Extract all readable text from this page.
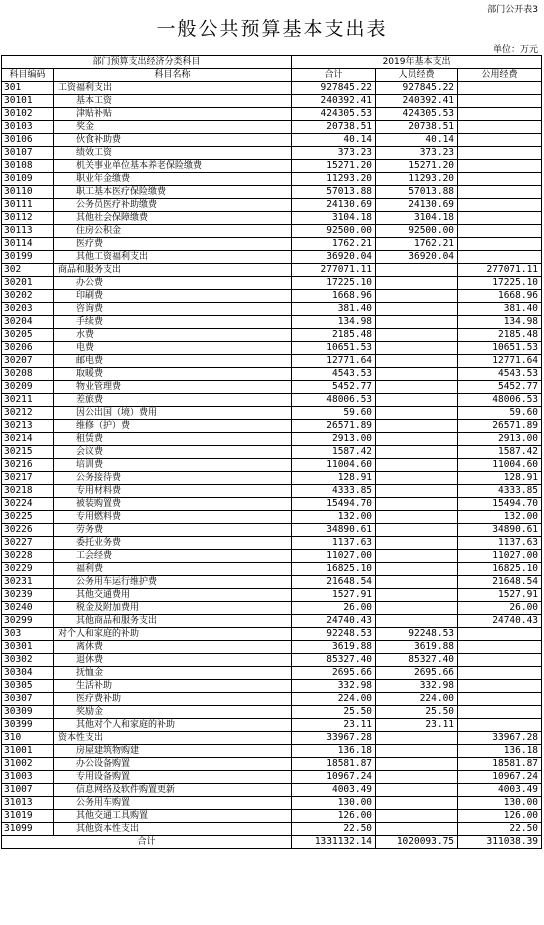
部门公开表3
一般公共预算基本支出表
单位：万元
部门预算支出经济分类科目		2019年基本支出		
科目编码	科目名称	合计	人员经费	公用经费
301	工资福利支出	927845.22	927845.22	
30101	基本工资	240392.41	240392.41	
30102	津贴补贴	424305.53	424305.53	
30103	奖金	20738.51	20738.51	
30106	伙食补助费	40.14	40.14	
30107	绩效工资	373.23	373.23	
30108	机关事业单位基本养老保险缴费	15271.20	15271.20	
30109	职业年金缴费	11293.20	11293.20	
30110	职工基本医疗保险缴费	57013.88	57013.88	
30111	公务员医疗补助缴费	24130.69	24130.69	
30112	其他社会保障缴费	3104.18	3104.18	
30113	住房公积金	92500.00	92500.00	
30114	医疗费	1762.21	1762.21	
30199	其他工资福利支出	36920.04	36920.04	
302	商品和服务支出	277071.11		277071.11
30201	办公费	17225.10		17225.10
30202	印刷费	1668.96		1668.96
30203	咨询费	381.40		381.40
30204	手续费	134.98		134.98
30205	水费	2185.48		2185.48
30206	电费	10651.53		10651.53
30207	邮电费	12771.64		12771.64
30208	取暖费	4543.53		4543.53
30209	物业管理费	5452.77		5452.77
30211	差旅费	48006.53		48006.53
30212	因公出国（境）费用	59.60		59.60
30213	维修（护）费	26571.89		26571.89
30214	租赁费	2913.00		2913.00
30215	会议费	1587.42		1587.42
30216	培训费	11004.60		11004.60
30217	公务接待费	128.91		128.91
30218	专用材料费	4333.85		4333.85
30224	被装购置费	15494.70		15494.70
30225	专用燃料费	132.00		132.00
30226	劳务费	34890.61		34890.61
30227	委托业务费	1137.63		1137.63
30228	工会经费	11027.00		11027.00
30229	福利费	16825.10		16825.10
30231	公务用车运行维护费	21648.54		21648.54
30239	其他交通费用	1527.91		1527.91
30240	税金及附加费用	26.00		26.00
30299	其他商品和服务支出	24740.43		24740.43
303	对个人和家庭的补助	92248.53	92248.53	
30301	离休费	3619.88	3619.88	
30302	退休费	85327.40	85327.40	
30304	抚恤金	2695.66	2695.66	
30305	生活补助	332.98	332.98	
30307	医疗费补助	224.00	224.00	
30309	奖励金	25.50	25.50	
30399	其他对个人和家庭的补助	23.11	23.11	
310	资本性支出	33967.28		33967.28
31001	房屋建筑物购建	136.18		136.18
31002	办公设备购置	18581.87		18581.87
31003	专用设备购置	10967.24		10967.24
31007	信息网络及软件购置更新	4003.49		4003.49
31013	公务用车购置	130.00		130.00
31019	其他交通工具购置	126.00		126.00
31099	其他资本性支出	22.50		22.50
合计		1331132.14	1020093.75	311038.39
